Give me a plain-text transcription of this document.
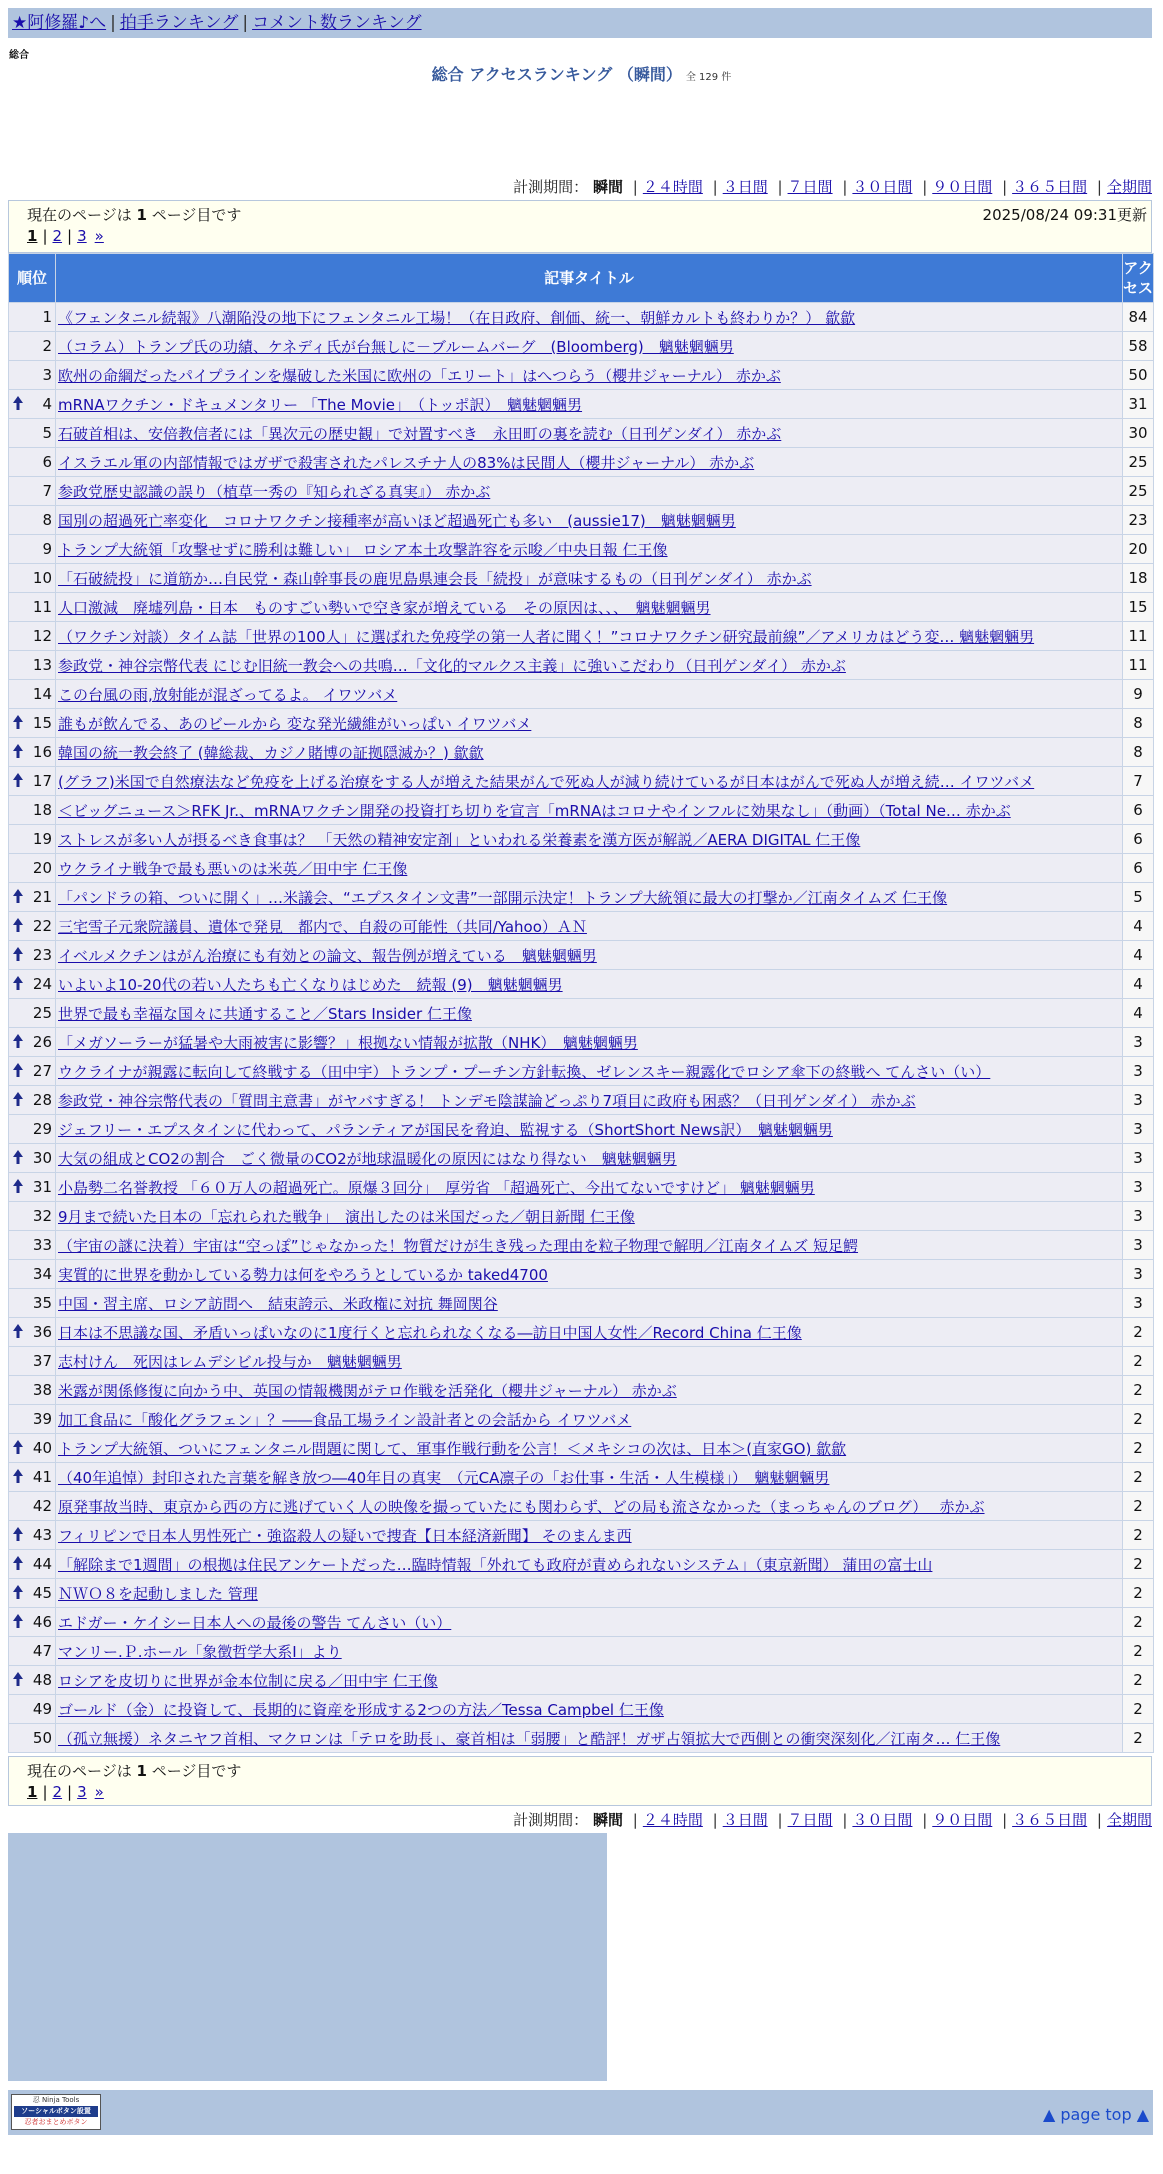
★阿修羅♪へ | 拍手ランキング | コメント数ランキング
総合
総合 アクセスランキング （瞬間） 全 129 件
計測期間： 瞬間 | ２４時間 | ３日間 | ７日間 | ３０日間 | ９０日間 | ３６５日間 | 全期間
現在のページは 1 ページ目です	2025/08/24 09:31更新
1 | 2 | 3 »
順位	記事タイトル	アクセス
1	《フェンタニル続報》八潮陥没の地下にフェンタニル工場！（在日政府、創価、統一、朝鮮カルトも終わりか？） 歙歙	84
2	（コラム）トランプ氏の功績、ケネディ氏が台無しに－ブルームバーグ　(Bloomberg)　魑魅魍魎男	58
3	欧州の命綱だったパイプラインを爆破した米国に欧州の「エリート」はへつらう（櫻井ジャーナル） 赤かぶ	50

4	mRNAワクチン・ドキュメンタリー 「The Movie」　（トッポ訳）　魑魅魍魎男	31
5	石破首相は、安倍教信者には「異次元の歴史観」で対置すべき　永田町の裏を読む（日刊ゲンダイ） 赤かぶ	30
6	イスラエル軍の内部情報ではガザで殺害されたパレスチナ人の83%は民間人（櫻井ジャーナル） 赤かぶ	25
7	参政党歴史認識の誤り（植草一秀の『知られざる真実』） 赤かぶ	25
8	国別の超過死亡率変化　コロナワクチン接種率が高いほど超過死亡も多い　(aussie17)　魑魅魍魎男	23
9	トランプ大統領「攻撃せずに勝利は難しい」 ロシア本土攻撃許容を示唆／中央日報 仁王像	20
10	「石破続投」に道筋か…自民党・森山幹事長の鹿児島県連会長「続投」が意味するもの（日刊ゲンダイ） 赤かぶ	18
11	人口激減　廃墟列島・日本　ものすごい勢いで空き家が増えている　その原因は、、、　魑魅魍魎男	15
12	（ワクチン対談）タイム誌「世界の100人」に選ばれた免疫学の第一人者に聞く！”コロナワクチン研究最前線”／アメリカはどう変… 魑魅魍魎男	11
13	参政党・神谷宗幣代表 にじむ旧統一教会への共鳴…「文化的マルクス主義」に強いこだわり（日刊ゲンダイ） 赤かぶ	11
14	この台風の雨,放射能が混ざってるよ。 イワツバメ	9

15	誰もが飲んでる、あのビールから 変な発光繊維がいっぱい イワツバメ	8

16	韓国の統一教会終了 (韓総裁、カジノ賭博の証拠隠滅か？) 歙歙	8

17	(グラフ)米国で自然療法など免疫を上げる治療をする人が増えた結果がんで死ぬ人が減り続けているが日本はがんで死ぬ人が増え続… イワツバメ	7
18	＜ビッグニュース＞RFK Jr.、mRNAワクチン開発の投資打ち切りを宣言「mRNAはコロナやインフルに効果なし」（動画）（Total Ne… 赤かぶ	6
19	ストレスが多い人が摂るべき食事は？ 「天然の精神安定剤」といわれる栄養素を漢方医が解説／AERA DIGITAL 仁王像	6
20	ウクライナ戦争で最も悪いのは米英／田中宇 仁王像	6

21	「パンドラの箱、ついに開く」…米議会、“エプスタイン文書”一部開示決定！トランプ大統領に最大の打撃か／江南タイムズ 仁王像	5

22	三宅雪子元衆院議員、遺体で発見　都内で、自殺の可能性（共同/Yahoo）ＡＮ	4

23	イベルメクチンはがん治療にも有効との論文、報告例が増えている　魑魅魍魎男	4

24	いよいよ10-20代の若い人たちも亡くなりはじめた　続報 (9)　魑魅魍魎男	4
25	世界で最も幸福な国々に共通すること／Stars Insider 仁王像	4

26	「メガソーラーが猛暑や大雨被害に影響？」根拠ない情報が拡散（NHK）　魑魅魍魎男	3

27	ウクライナが親露に転向して終戦する（田中宇）トランプ・プーチン方針転換、ゼレンスキー親露化でロシア傘下の終戦へ てんさい（い）	3

28	参政党・神谷宗幣代表の「質問主意書」がヤバすぎる！ トンデモ陰謀論どっぷり7項目に政府も困惑？（日刊ゲンダイ） 赤かぶ	3
29	ジェフリー・エプスタインに代わって、パランティアが国民を脅迫、監視する（ShortShort News訳）　魑魅魍魎男	3

30	大気の組成とCO2の割合　ごく微量のCO2が地球温暖化の原因にはなり得ない　魑魅魍魎男	3

31	小島勢二名誉教授 「６０万人の超過死亡。原爆３回分」　厚労省 「超過死亡、今出てないですけど」 魑魅魍魎男	3
32	9月まで続いた日本の「忘れられた戦争」　演出したのは米国だった／朝日新聞 仁王像	3
33	（宇宙の謎に決着）宇宙は“空っぽ”じゃなかった！物質だけが生き残った理由を粒子物理で解明／江南タイムズ 短足鰐	3
34	実質的に世界を動かしている勢力は何をやろうとしているか taked4700	3
35	中国・習主席、ロシア訪問へ　結束誇示、米政権に対抗 舞岡関谷	3

36	日本は不思議な国、矛盾いっぱいなのに1度行くと忘れられなくなる―訪日中国人女性／Record China 仁王像	2
37	志村けん　死因はレムデシビル投与か　魑魅魍魎男	2
38	米露が関係修復に向かう中、英国の情報機関がテロ作戦を活発化（櫻井ジャーナル） 赤かぶ	2
39	加工食品に「酸化グラフェン」？――食品工場ライン設計者との会話から イワツバメ	2

40	トランプ大統領、ついにフェンタニル問題に関して、軍事作戦行動を公言！＜メキシコの次は、日本＞(直家GO) 歙歙	2

41	（40年追悼）封印された言葉を解き放つ―40年目の真実　（元CA凛子の「お仕事・生活・人生模様」）　魑魅魍魎男	2
42	原発事故当時、東京から西の方に逃げていく人の映像を撮っていたにも関わらず、どの局も流さなかった（まっちゃんのブログ）　 赤かぶ	2

43	フィリピンで日本人男性死亡・強盗殺人の疑いで捜査【日本経済新聞】 そのまんま西	2

44	「解除まで1週間」の根拠は住民アンケートだった…臨時情報「外れても政府が責められないシステム」（東京新聞） 蒲田の富士山	2

45	ＮＷＯ８を起動しました 管理	2

46	エドガー・ケイシー日本人への最後の警告 てんさい（い）	2
47	マンリー.Ｐ.ホール「象徴哲学大系Ⅰ」より	2

48	ロシアを皮切りに世界が金本位制に戻る／田中宇 仁王像	2
49	ゴールド（金）に投資して、長期的に資産を形成する2つの方法／Tessa Campbel 仁王像	2
50	（孤立無援）ネタニヤフ首相、マクロンは「テロを助長」、豪首相は「弱腰」と酷評！ガザ占領拡大で西側との衝突深刻化／江南タ… 仁王像	2
現在のページは 1 ページ目です
1 | 2 | 3 »
計測期間： 瞬間 | ２４時間 | ３日間 | ７日間 | ３０日間 | ９０日間 | ３６５日間 | 全期間
忍 Ninja Tools
ソーシャルボタン設置
忍者おまとめボタン	▲ page top ▲
